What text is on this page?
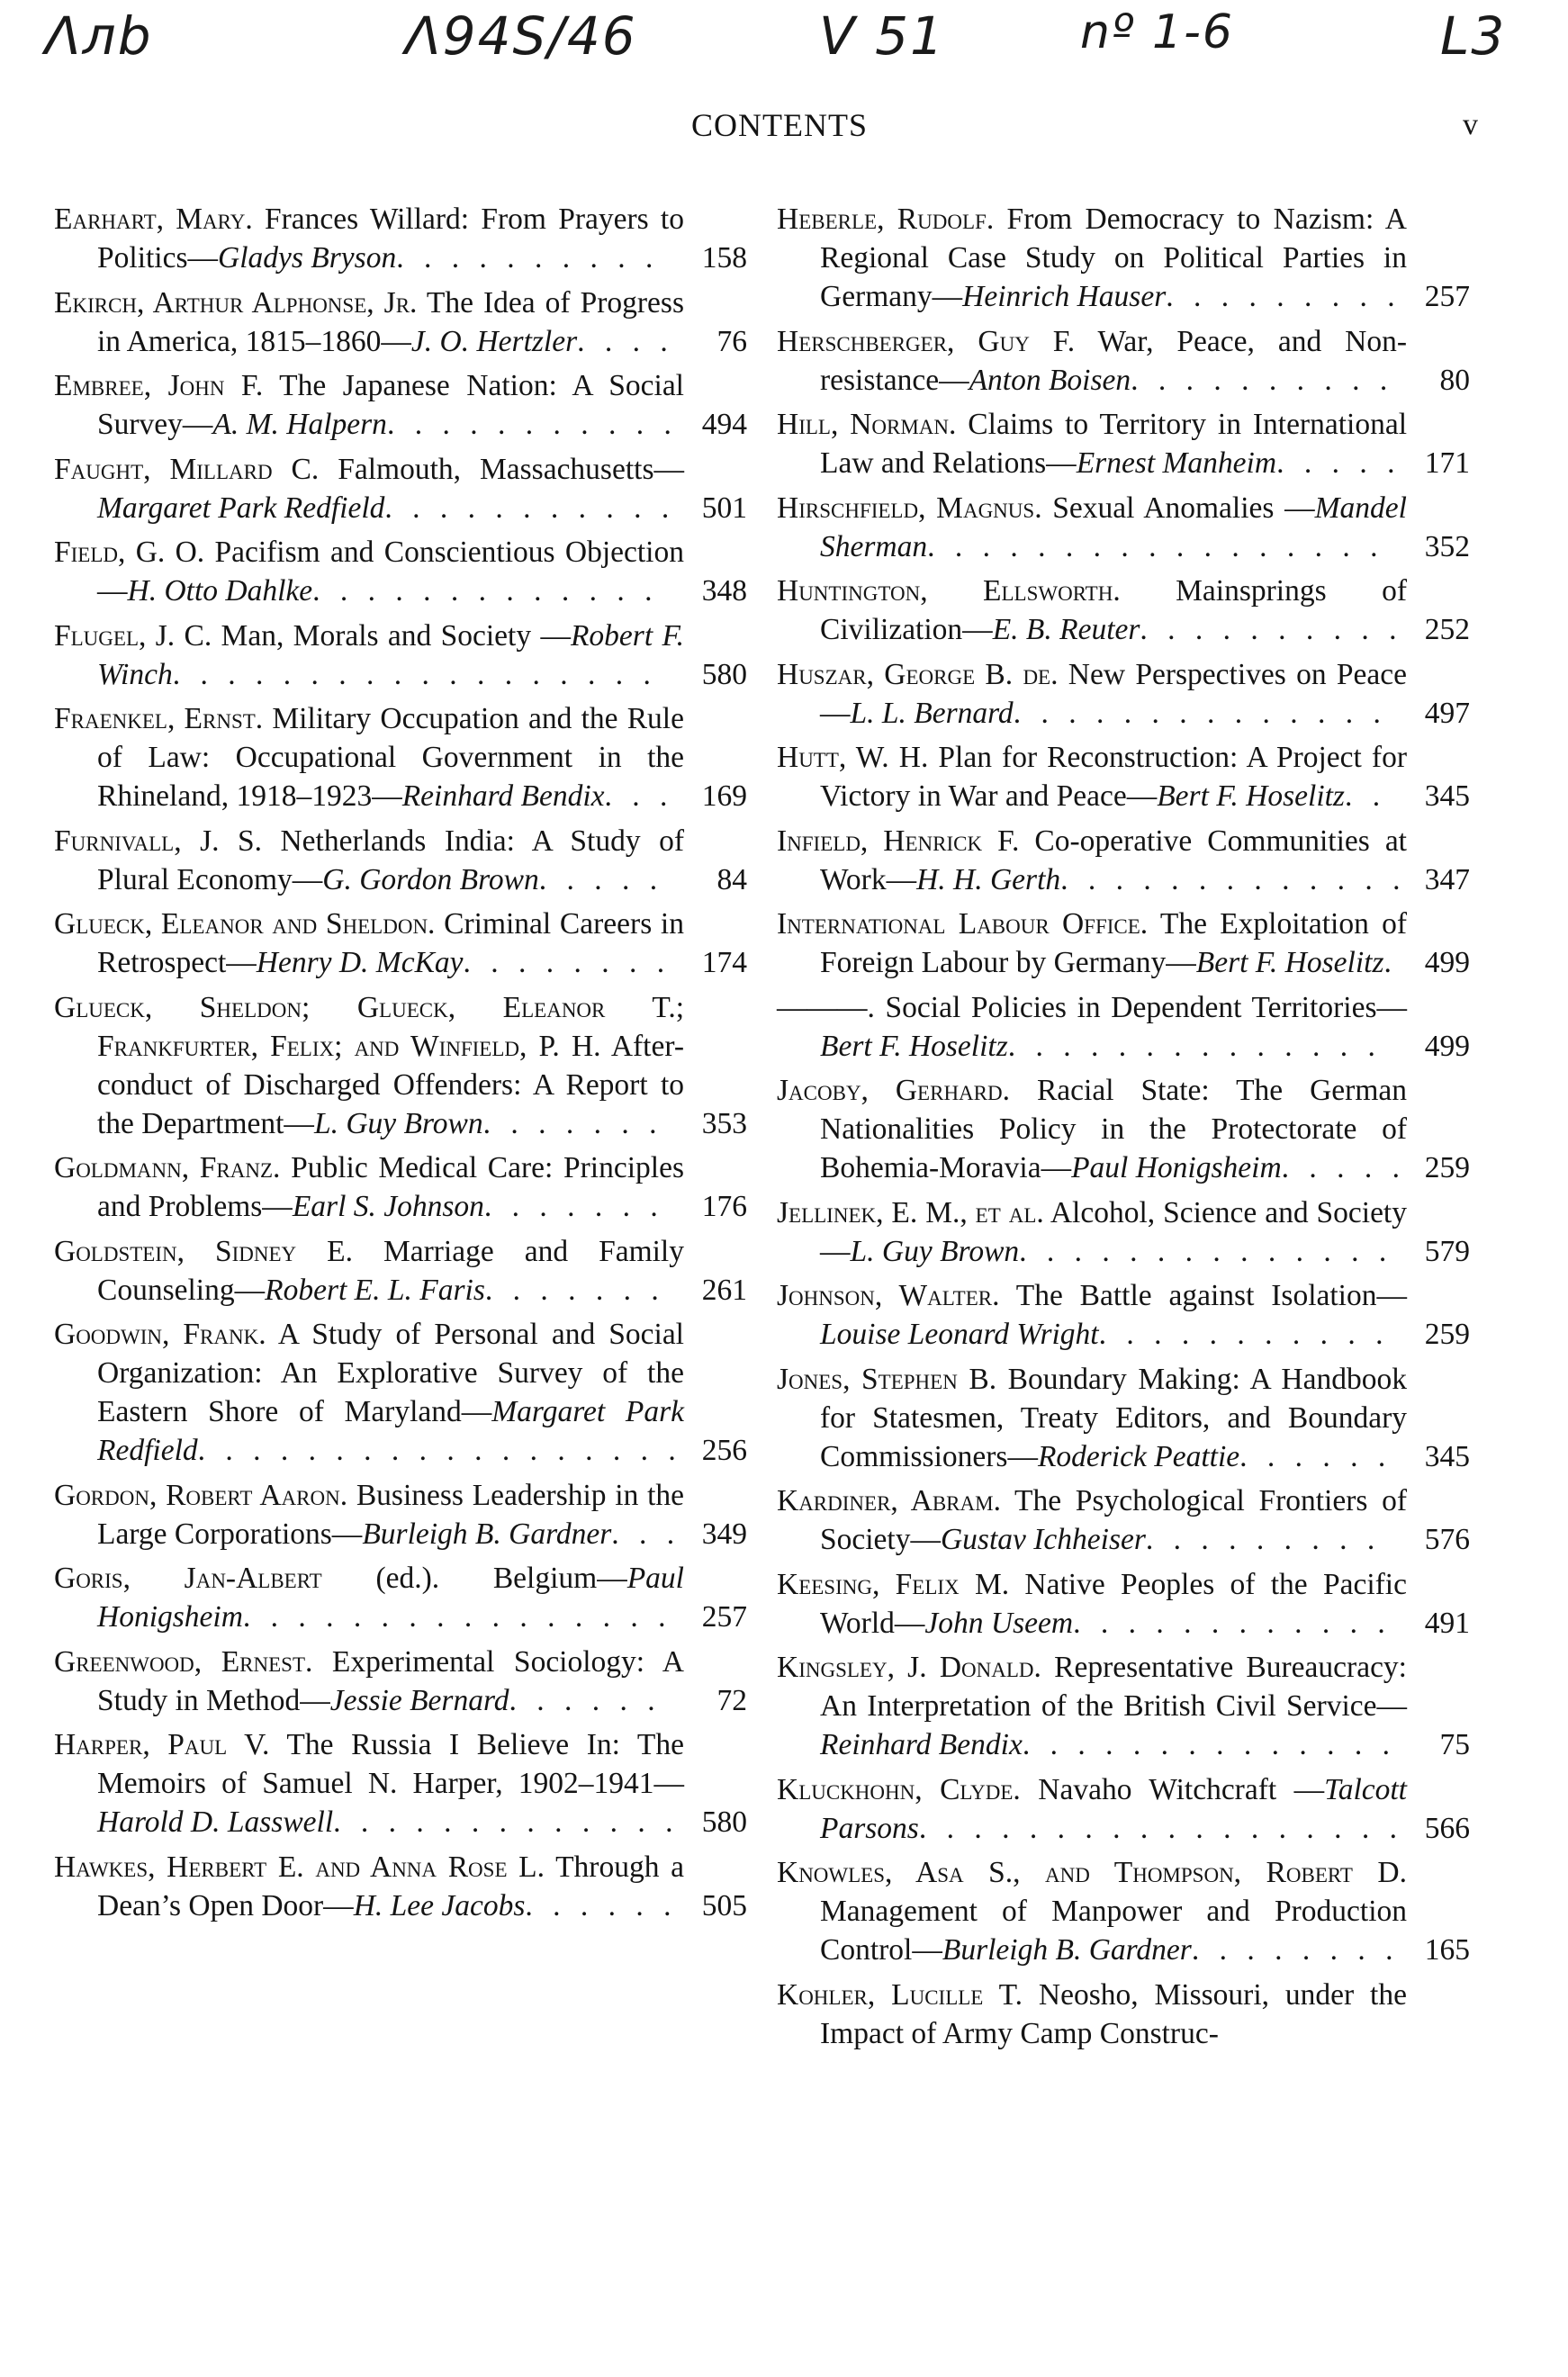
Λлb	Λ94S/46	V 51	nº 1-6	L3
CONTENTS	v
Earhart, Mary. Frances Willard: From Prayers to Politics—Gladys Bryson. . . . . . . . . .	158
Ekirch, Arthur Alphonse, Jr. The Idea of Progress in America, 1815–1860—J. O. Hertzler. . . .	76
Embree, John F. The Japanese Nation: A Social Survey—A. M. Halpern. . . . . . . . . . . 494
Faught, Millard C. Falmouth, Massachusetts—Margaret Park Redfield. . . . . . . . . . . 501
Field, G. O. Pacifism and Conscientious Objection—H. Otto Dahlke. . . . . . . . . . . . .	348
Flugel, J. C. Man, Morals and Society —Robert F. Winch. . . . . . . . . . . . . . . . . .	580
Fraenkel, Ernst. Military Occupation and the Rule of Law: Occupational Government in the Rhineland, 1918–1923—Reinhard Bendix. . . 169
Furnivall, J. S. Netherlands India: A Study of Plural Economy—G. Gordon Brown. . . . .	84
Glueck, Eleanor and Sheldon. Criminal Careers in Retrospect—Henry D. McKay. . . . . . . .	174
Glueck, Sheldon; Glueck, Eleanor T.; Frankfurter, Felix; and Winfield, P. H. After-conduct of Discharged Offenders: A Report to the Department—L. Guy Brown. . . . . . .	353
Goldmann, Franz. Public Medical Care: Principles and Problems—Earl S. Johnson. . . . . . .	176
Goldstein, Sidney E. Marriage and Family Counseling—Robert E. L. Faris. . . . . . .	261
Goodwin, Frank. A Study of Personal and Social Organization: An Explorative Survey of the Eastern Shore of Maryland—Margaret Park Redfield. . . . . . . . . . . . . . . . . . 256
Gordon, Robert Aaron. Business Leadership in the Large Corporations—Burleigh B. Gardner. . . 349
Goris, Jan-Albert (ed.). Belgium—Paul Honigsheim. . . . . . . . . . . . . . . . 257
Greenwood, Ernest. Experimental Sociology: A Study in Method—Jessie Bernard. . . . . .	72
Harper, Paul V. The Russia I Believe In: The Memoirs of Samuel N. Harper, 1902–1941—Harold D. Lasswell. . . . . . . . . . . . . 580
Hawkes, Herbert E. and Anna Rose L. Through a Dean’s Open Door—H. Lee Jacobs. . . . . . 505
Heberle, Rudolf. From Democracy to Nazism: A Regional Case Study on Political Parties in Germany—Heinrich Hauser. . . . . . . . . 257
Herschberger, Guy F. War, Peace, and Non-resistance—Anton Boisen. . . . . . . . . .	80
Hill, Norman. Claims to Territory in International Law and Relations—Ernest Manheim. . . . . 171
Hirschfield, Magnus. Sexual Anomalies —Mandel Sherman. . . . . . . . . . . . . . . . .	352
Huntington, Ellsworth. Mainsprings of Civilization—E. B. Reuter. . . . . . . . . . 252
Huszar, George B. de. New Perspectives on Peace—L. L. Bernard. . . . . . . . . . . . . .	497
Hutt, W. H. Plan for Reconstruction: A Project for Victory in War and Peace—Bert F. Hoselitz. .	345
Infield, Henrick F. Co-operative Communities at Work—H. H. Gerth. . . . . . . . . . . . . 347
International Labour Office. The Exploitation of Foreign Labour by Germany—Bert F. Hoselitz. 499
———. Social Policies in Dependent Territories—Bert F. Hoselitz. . . . . . . . . . . . . .	499
Jacoby, Gerhard. Racial State: The German Nationalities Policy in the Protectorate of Bohemia-Moravia—Paul Honigsheim. . . . . 259
Jellinek, E. M., et al. Alcohol, Science and Society—L. Guy Brown. . . . . . . . . . . . . .	579
Johnson, Walter. The Battle against Isolation—Louise Leonard Wright. . . . . . . . . . .	259
Jones, Stephen B. Boundary Making: A Handbook for Statesmen, Treaty Editors, and Boundary Commissioners—Roderick Peattie. . . . . .	345
Kardiner, Abram. The Psychological Frontiers of Society—Gustav Ichheiser. . . . . . . . .	576
Keesing, Felix M. Native Peoples of the Pacific World—John Useem. . . . . . . . . . . .	491
Kingsley, J. Donald. Representative Bureaucracy: An Interpretation of the British Civil Service—Reinhard Bendix. . . . . . . . . . . . . .	75
Kluckhohn, Clyde. Navaho Witchcraft —Talcott Parsons. . . . . . . . . . . . . . . . . . 566
Knowles, Asa S., and Thompson, Robert D. Management of Manpower and Production Control—Burleigh B. Gardner. . . . . . . . 165
Kohler, Lucille T. Neosho, Missouri, under the Impact of Army Camp Construc-
